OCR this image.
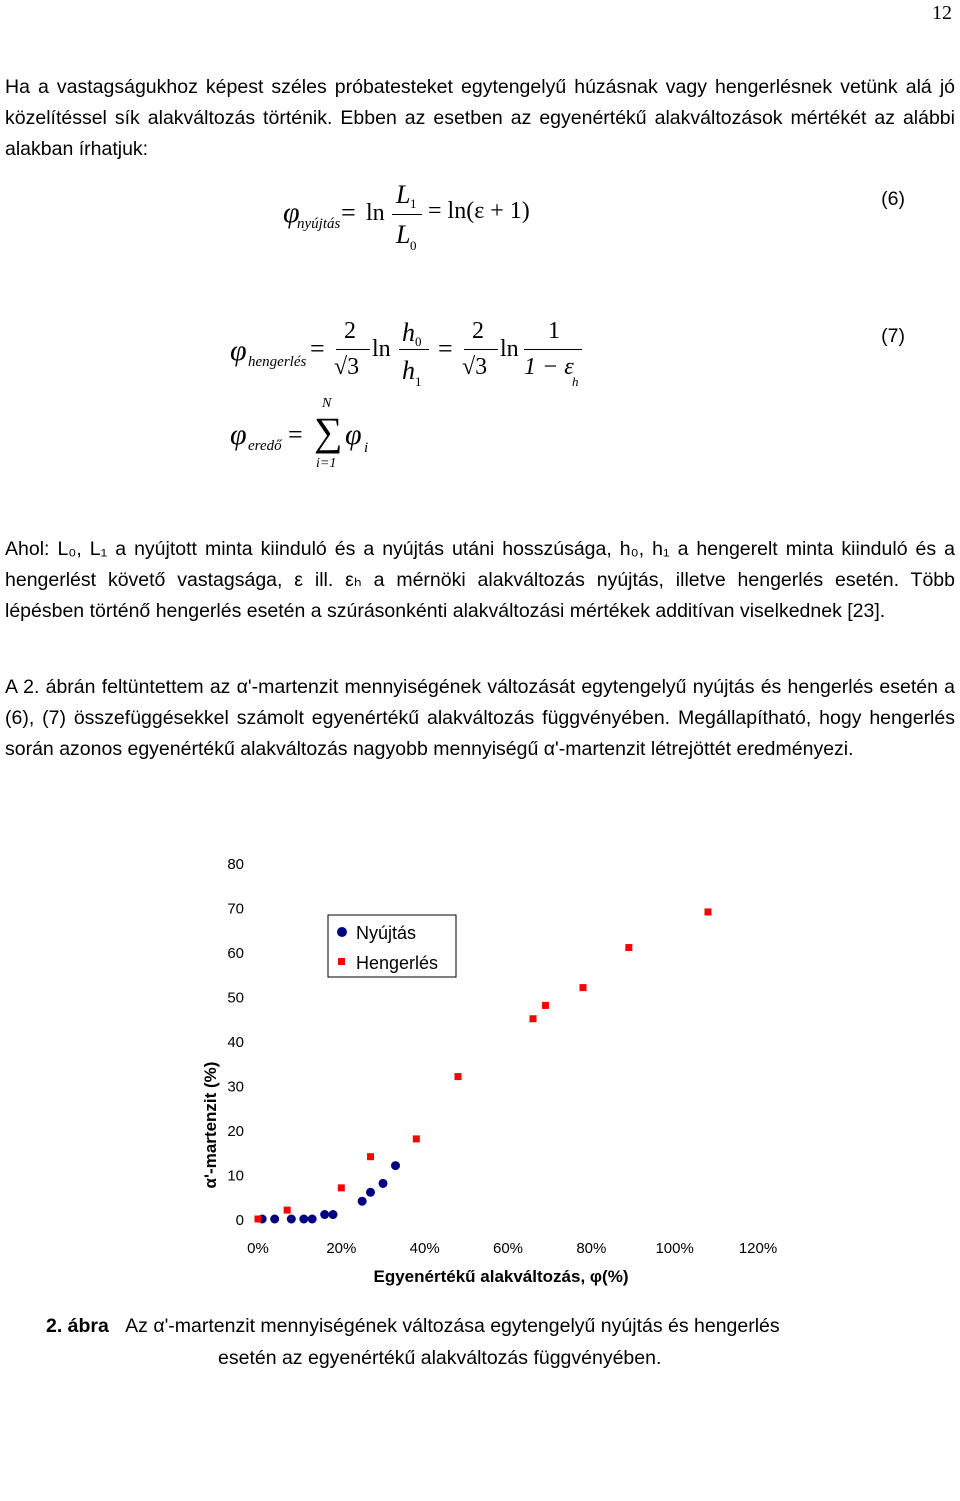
12

Ha a vastagságukhoz képest széles próbatesteket egytengelyű húzásnak vagy hengerlésnek vetünk alá jó közelítéssel sík alakváltozás történik. Ebben az esetben az egyenértékű alakváltozások mértékét az alábbi alakban írhatjuk:

φ
nyújtás = ln
L 1
L 0
= ln(ε + 1)	(6)
φ hengerlés =
2
√3
ln
h 0
h 1
=
2
√3
ln
1
1 − ε
h
(7)
φ eredő =
N
∑
i=1
φ i

Ahol: L₀, L₁ a nyújtott minta kiinduló és a nyújtás utáni hosszúsága, h₀, h₁ a hengerelt minta kiinduló és a hengerlést követő vastagsága, ε ill. εₕ a mérnöki alakváltozás nyújtás, illetve hengerlés esetén. Több lépésben történő hengerlés esetén a szúrásonkénti alakváltozási mértékek additívan viselkednek [23].

A 2. ábrán feltüntettem az α'-martenzit mennyiségének változását egytengelyű nyújtás és hengerlés esetén a (6), (7) összefüggésekkel számolt egyenértékű alakváltozás függvényében. Megállapítható, hogy hengerlés során azonos egyenértékű alakváltozás nagyobb mennyiségű α'-martenzit létrejöttét eredményezi.

0
10
20
30
40
50
60
70
80
0%	20%	40%	60%	80%	100%	120%
α'-martenzit (%)
Egyenértékű alakváltozás, φ(%)
Nyújtás
Hengerlés
2. ábra Az α'-martenzit mennyiségének változása egytengelyű nyújtás és hengerlés
esetén az egyenértékű alakváltozás függvényében.
